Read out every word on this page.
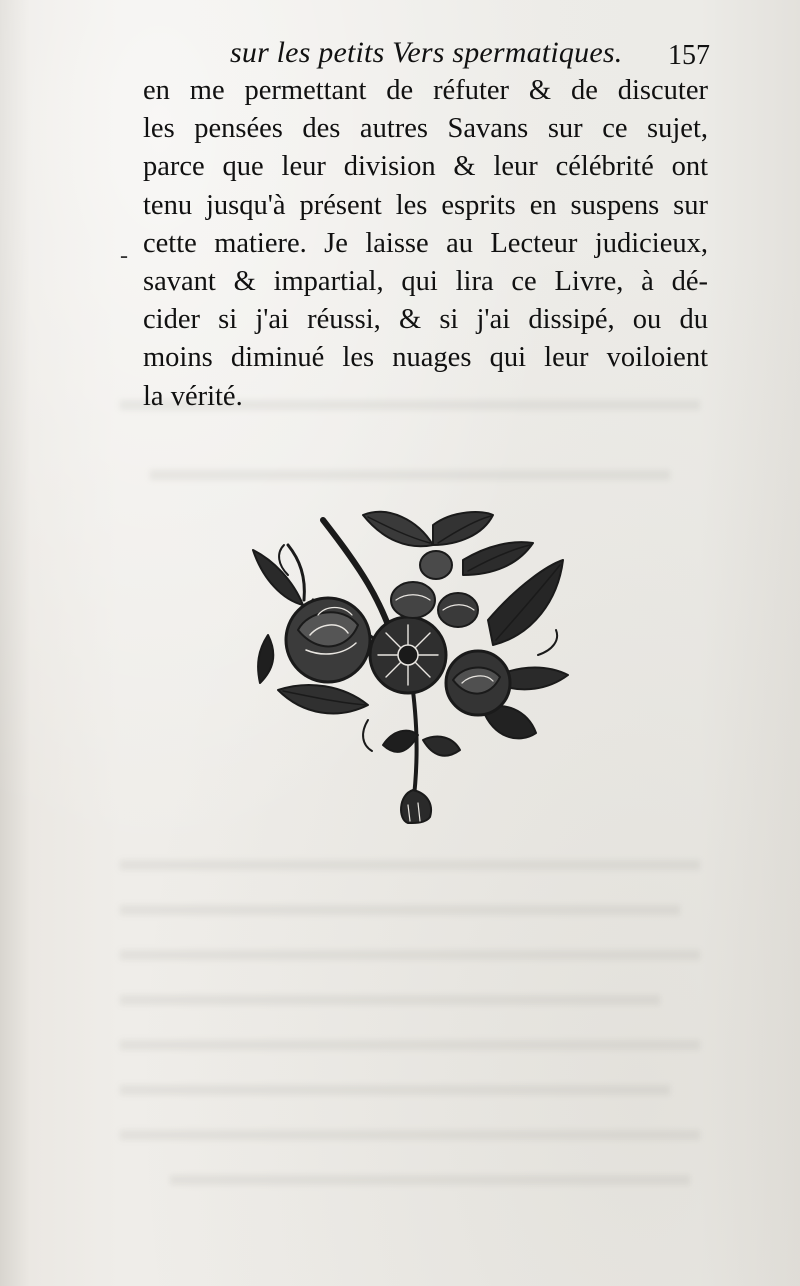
sur les petits Vers spermatiques. 157
-
en me permettant de réfuter & de discuter
les pensées des autres Savans sur ce sujet,
parce que leur division & leur célébrité ont
tenu jusqu'à présent les esprits en suspens sur
cette matiere. Je laisse au Lecteur judicieux,
savant & impartial, qui lira ce Livre, à dé-
cider si j'ai réussi, & si j'ai dissipé, ou du
moins diminué les nuages qui leur voiloient
la vérité.
